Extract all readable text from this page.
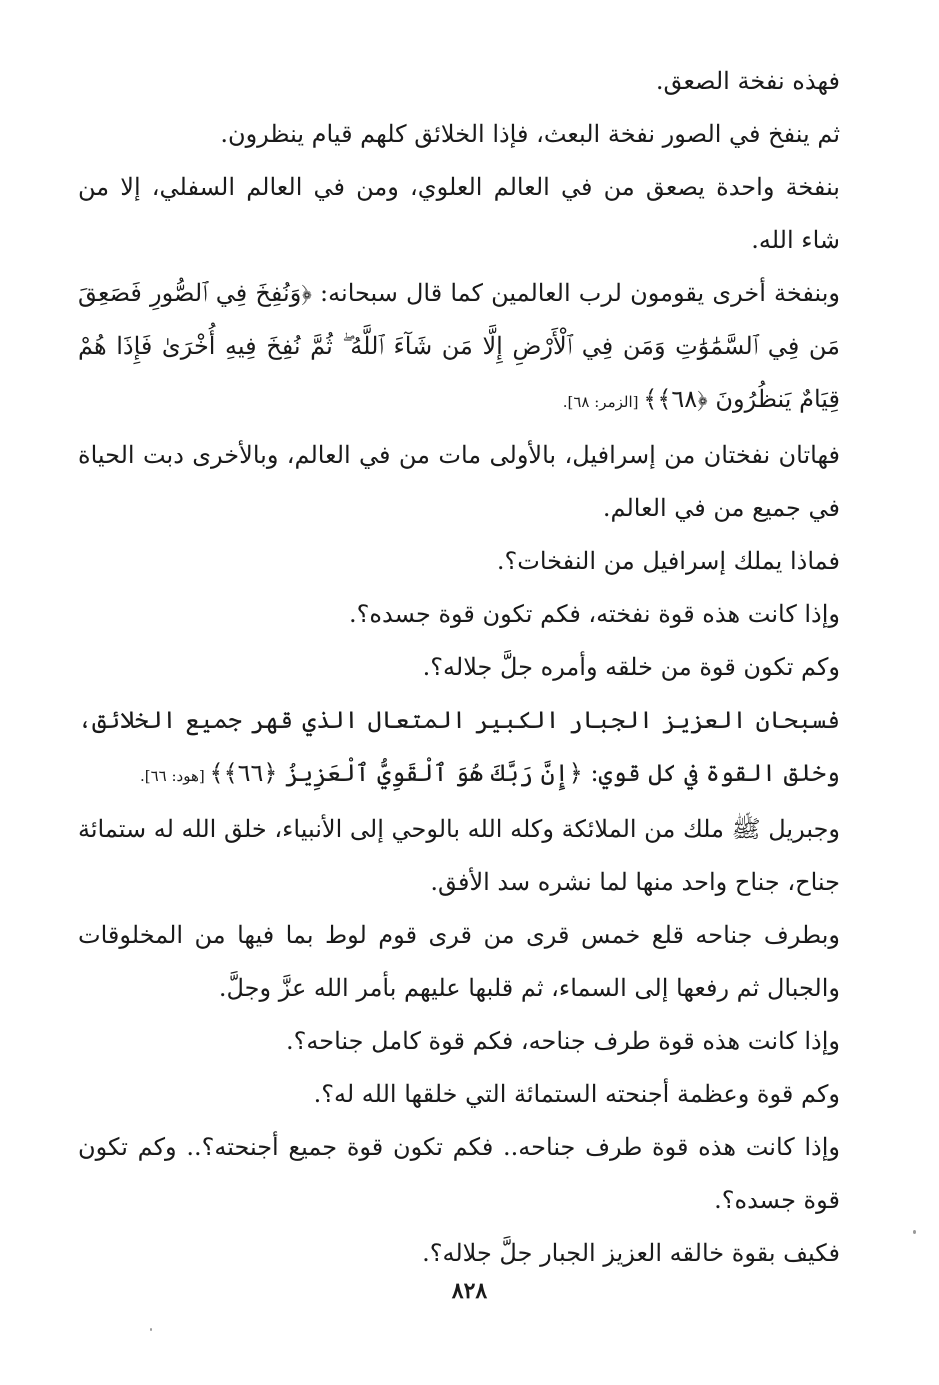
فهذه نفخة الصعق.

ثم ينفخ في الصور نفخة البعث، فإذا الخلائق كلهم قيام ينظرون.

بنفخة واحدة يصعق من في العالم العلوي، ومن في العالم السفلي، إلا من شاء الله.

وبنفخة أخرى يقومون لرب العالمين كما قال سبحانه: ﴿وَنُفِخَ فِي ٱلصُّورِ فَصَعِقَ مَن فِي ٱلسَّمَٰوَٰتِ وَمَن فِي ٱلْأَرْضِ إِلَّا مَن شَآءَ ٱللَّهُ ۖ ثُمَّ نُفِخَ فِيهِ أُخْرَىٰ فَإِذَا هُمْ قِيَامٌ يَنظُرُونَ ﴿٦٨﴾﴾ [الزمر: ٦٨].

فهاتان نفختان من إسرافيل، بالأولى مات من في العالم، وبالأخرى دبت الحياة في جميع من في العالم.

فماذا يملك إسرافيل من النفخات؟.

وإذا كانت هذه قوة نفخته، فكم تكون قوة جسده؟.

وكم تكون قوة من خلقه وأمره جلَّ جلاله؟.

فسبحان العزيز الجبار الكبير المتعال الذي قهر جميع الخلائق، وخلق القوة في كل قوي: ﴿إِنَّ رَبَّكَ هُوَ ٱلْقَوِيُّ ٱلْعَزِيزُ ﴿٦٦﴾﴾ [هود: ٦٦].

وجبريل ﷺ ملك من الملائكة وكله الله بالوحي إلى الأنبياء، خلق الله له ستمائة جناح، جناح واحد منها لما نشره سد الأفق.

وبطرف جناحه قلع خمس قرى من قرى قوم لوط بما فيها من المخلوقات والجبال ثم رفعها إلى السماء، ثم قلبها عليهم بأمر الله عزَّ وجلَّ.

وإذا كانت هذه قوة طرف جناحه، فكم قوة كامل جناحه؟.

وكم قوة وعظمة أجنحته الستمائة التي خلقها الله له؟.

وإذا كانت هذه قوة طرف جناحه.. فكم تكون قوة جميع أجنحته؟.. وكم تكون قوة جسده؟.

فكيف بقوة خالقه العزيز الجبار جلَّ جلاله؟.

٨٢٨
